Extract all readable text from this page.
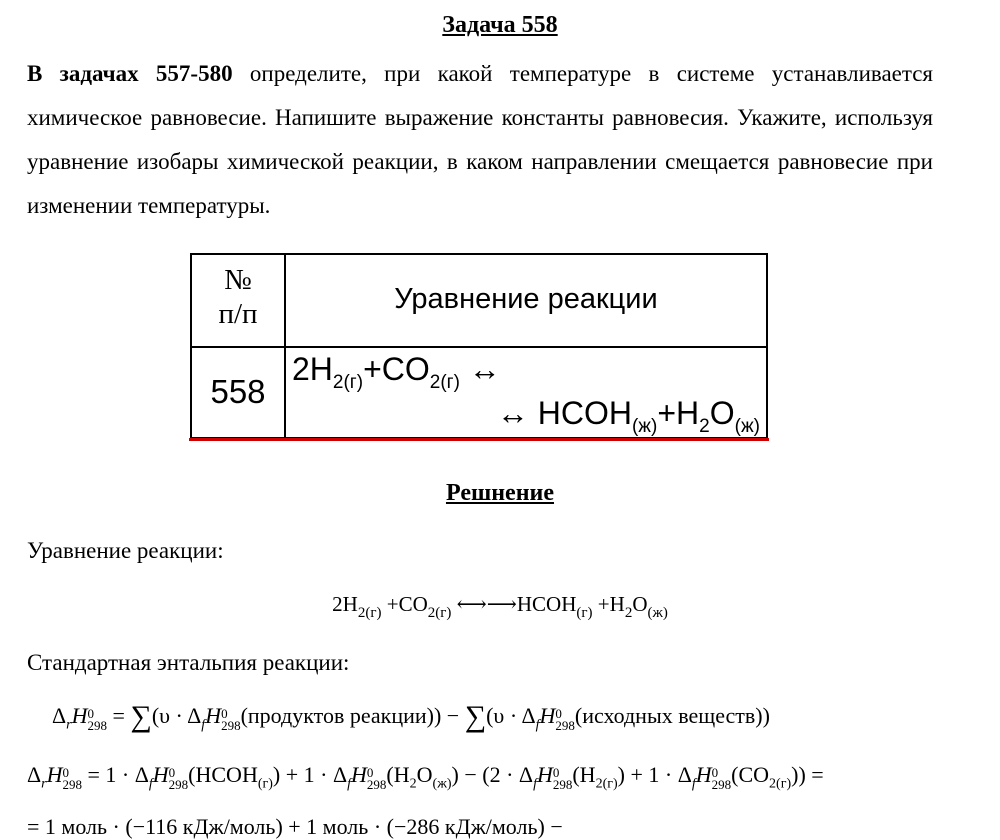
Задача 558

В задачах 557-580 определите, при какой температуре в системе устанавливается химическое равновесие. Напишите выражение константы равновесия. Укажите, используя уравнение изобары химической реакции, в каком направлении смещается равновесие при изменении температуры.

№
п/п	Уравнение реакции
558
$2H_{2(г)}+CO_{2(г)}$ ↔
↔ $HCOH_{(ж)}+H_2O_{(ж)}$
Решнение
Уравнение реакции:
$2H_{2(г)} +CO_{2(г)}$ $⟷⟶HCOH_{(г)} +H_2O_{(ж)}$
Стандартная энтальпия реакции:
$\Delta_rH$ 0
$298 = \sum(\upsilon \cdot \Delta_fH$ 0
298 (продуктов реакции)) − $\sum(\upsilon \cdot \Delta_fH$ 0
298 (исходных веществ))
$\Delta_rH$ 0
$298 = 1 \cdot \Delta_fH$ 0
298 $(HCOH_{(г)}) + 1 \cdot \Delta_fH$ 0
298 $(H_2O_{(ж)}) - (2 \cdot \Delta_fH$ 0
298 $(H_{2(г)}) + 1 \cdot \Delta_fH$ 0
298 $(CO_{2(г)})$) =
= 1 моль · (−116 кДж/моль) + 1 моль · (−286 кДж/моль) −
